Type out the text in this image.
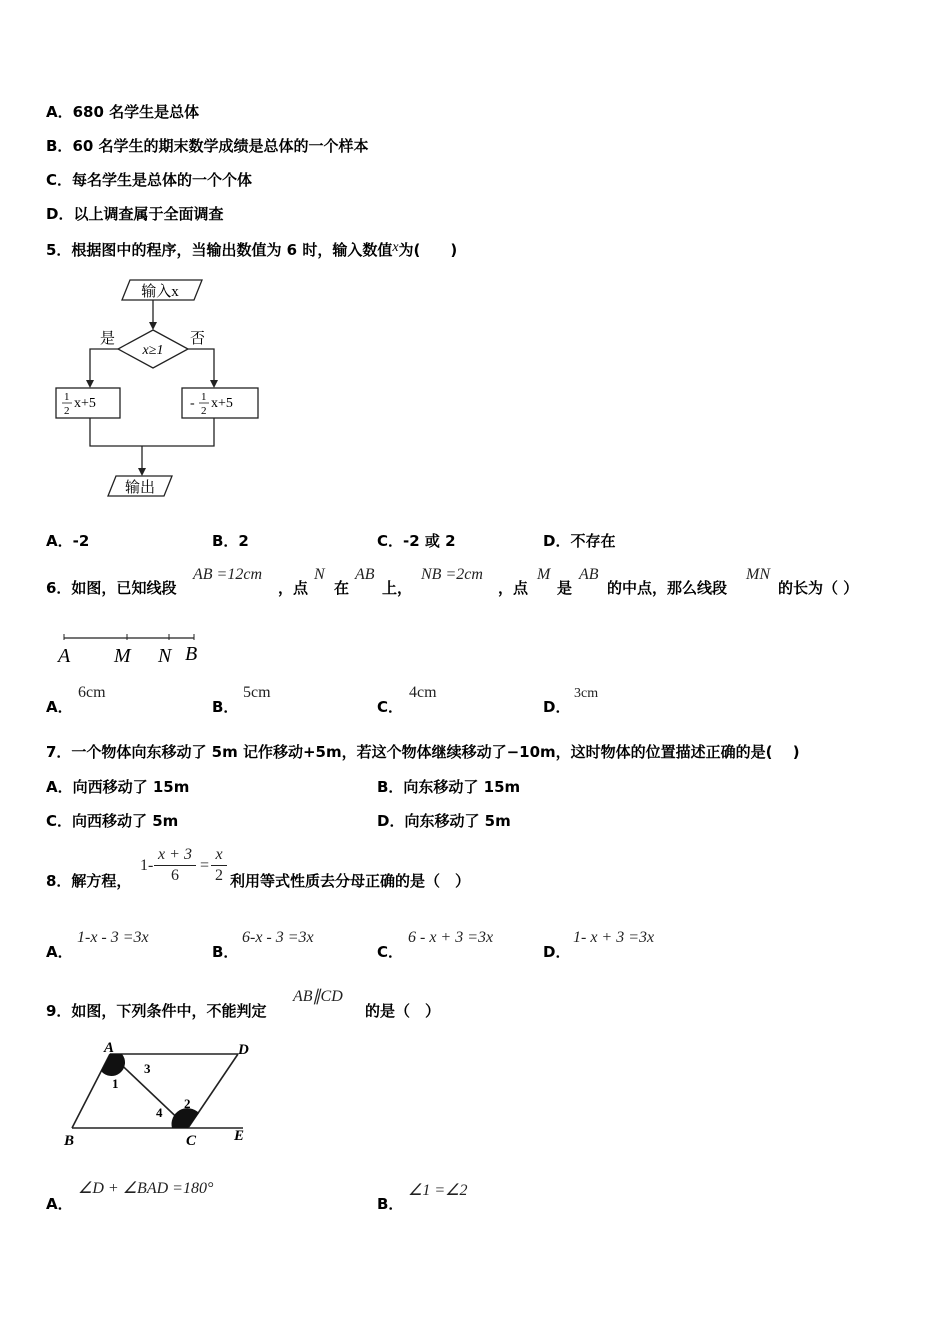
A．680 名学生是总体
B．60 名学生的期末数学成绩是总体的一个样本
C．每名学生是总体的一个个体
D．以上调查属于全面调查
5．根据图中的程序，当输出数值为 6 时，输入数值x为(　　)
输入x
x≥1
是	否
1
2 x+5	- 1
2 x+5
输出
A．-2	B．2	C．-2 或 2	D．不存在
6．如图，已知线段
AB =12cm
，点
N
在
AB
上，
NB =2cm
，点
M
是
AB
的中点，那么线段
MN
的长为（ ）
A M N B
A．
6cm
B．
5cm
C．
4cm
D．
3cm
7．一个物体向东移动了 5m 记作移动+5m，若这个物体继续移动了−10m，这时物体的位置描述正确的是(　 )
A．向西移动了 15m	B．向东移动了 15m
C．向西移动了 5m	D．向东移动了 5m
8．解方程，
$1- \frac{x + 3}{6} = \frac{x}{2}$ 利用等式性质去分母正确的是（　）
A．
1-x - 3 =3x
B．
6-x - 3 =3x
C．
6 - x + 3 =3x
D．
1- x + 3 =3x
9．如图，下列条件中，不能判定
AB∥CD
的是（　）
A	D
B	C	E
1
2
3
4
A．
∠D + ∠BAD =180°
B．
∠1 =∠2
